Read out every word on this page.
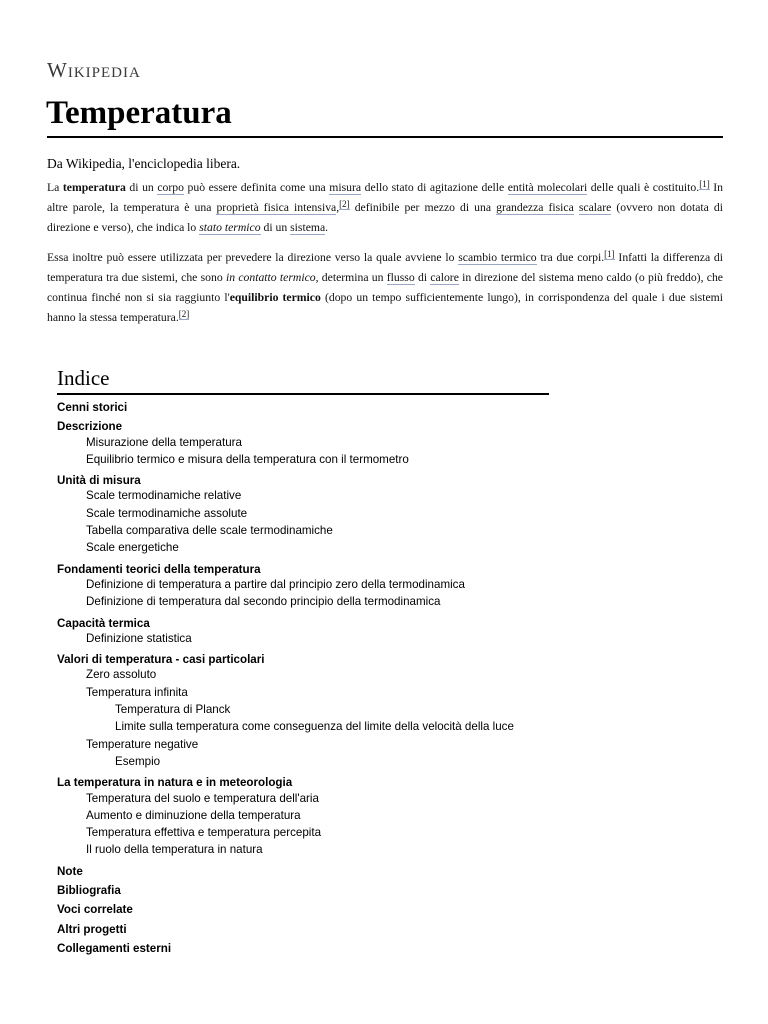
Wikipedia
Temperatura
Da Wikipedia, l'enciclopedia libera.

La temperatura di un corpo può essere definita come una misura dello stato di agitazione delle entità molecolari delle quali è costituito.[1] In altre parole, la temperatura è una proprietà fisica intensiva,[2] definibile per mezzo di una grandezza fisica scalare (ovvero non dotata di direzione e verso), che indica lo stato termico di un sistema.

Essa inoltre può essere utilizzata per prevedere la direzione verso la quale avviene lo scambio termico tra due corpi.[1] Infatti la differenza di temperatura tra due sistemi, che sono in contatto termico, determina un flusso di calore in direzione del sistema meno caldo (o più freddo), che continua finché non si sia raggiunto l'equilibrio termico (dopo un tempo sufficientemente lungo), in corrispondenza del quale i due sistemi hanno la stessa temperatura.[2]

Indice
Cenni storici
Descrizione
Misurazione della temperatura
Equilibrio termico e misura della temperatura con il termometro
Unità di misura
Scale termodinamiche relative
Scale termodinamiche assolute
Tabella comparativa delle scale termodinamiche
Scale energetiche
Fondamenti teorici della temperatura
Definizione di temperatura a partire dal principio zero della termodinamica
Definizione di temperatura dal secondo principio della termodinamica
Capacità termica
Definizione statistica
Valori di temperatura - casi particolari
Zero assoluto
Temperatura infinita
Temperatura di Planck
Limite sulla temperatura come conseguenza del limite della velocità della luce
Temperature negative
Esempio
La temperatura in natura e in meteorologia
Temperatura del suolo e temperatura dell'aria
Aumento e diminuzione della temperatura
Temperatura effettiva e temperatura percepita
Il ruolo della temperatura in natura
Note
Bibliografia
Voci correlate
Altri progetti
Collegamenti esterni
